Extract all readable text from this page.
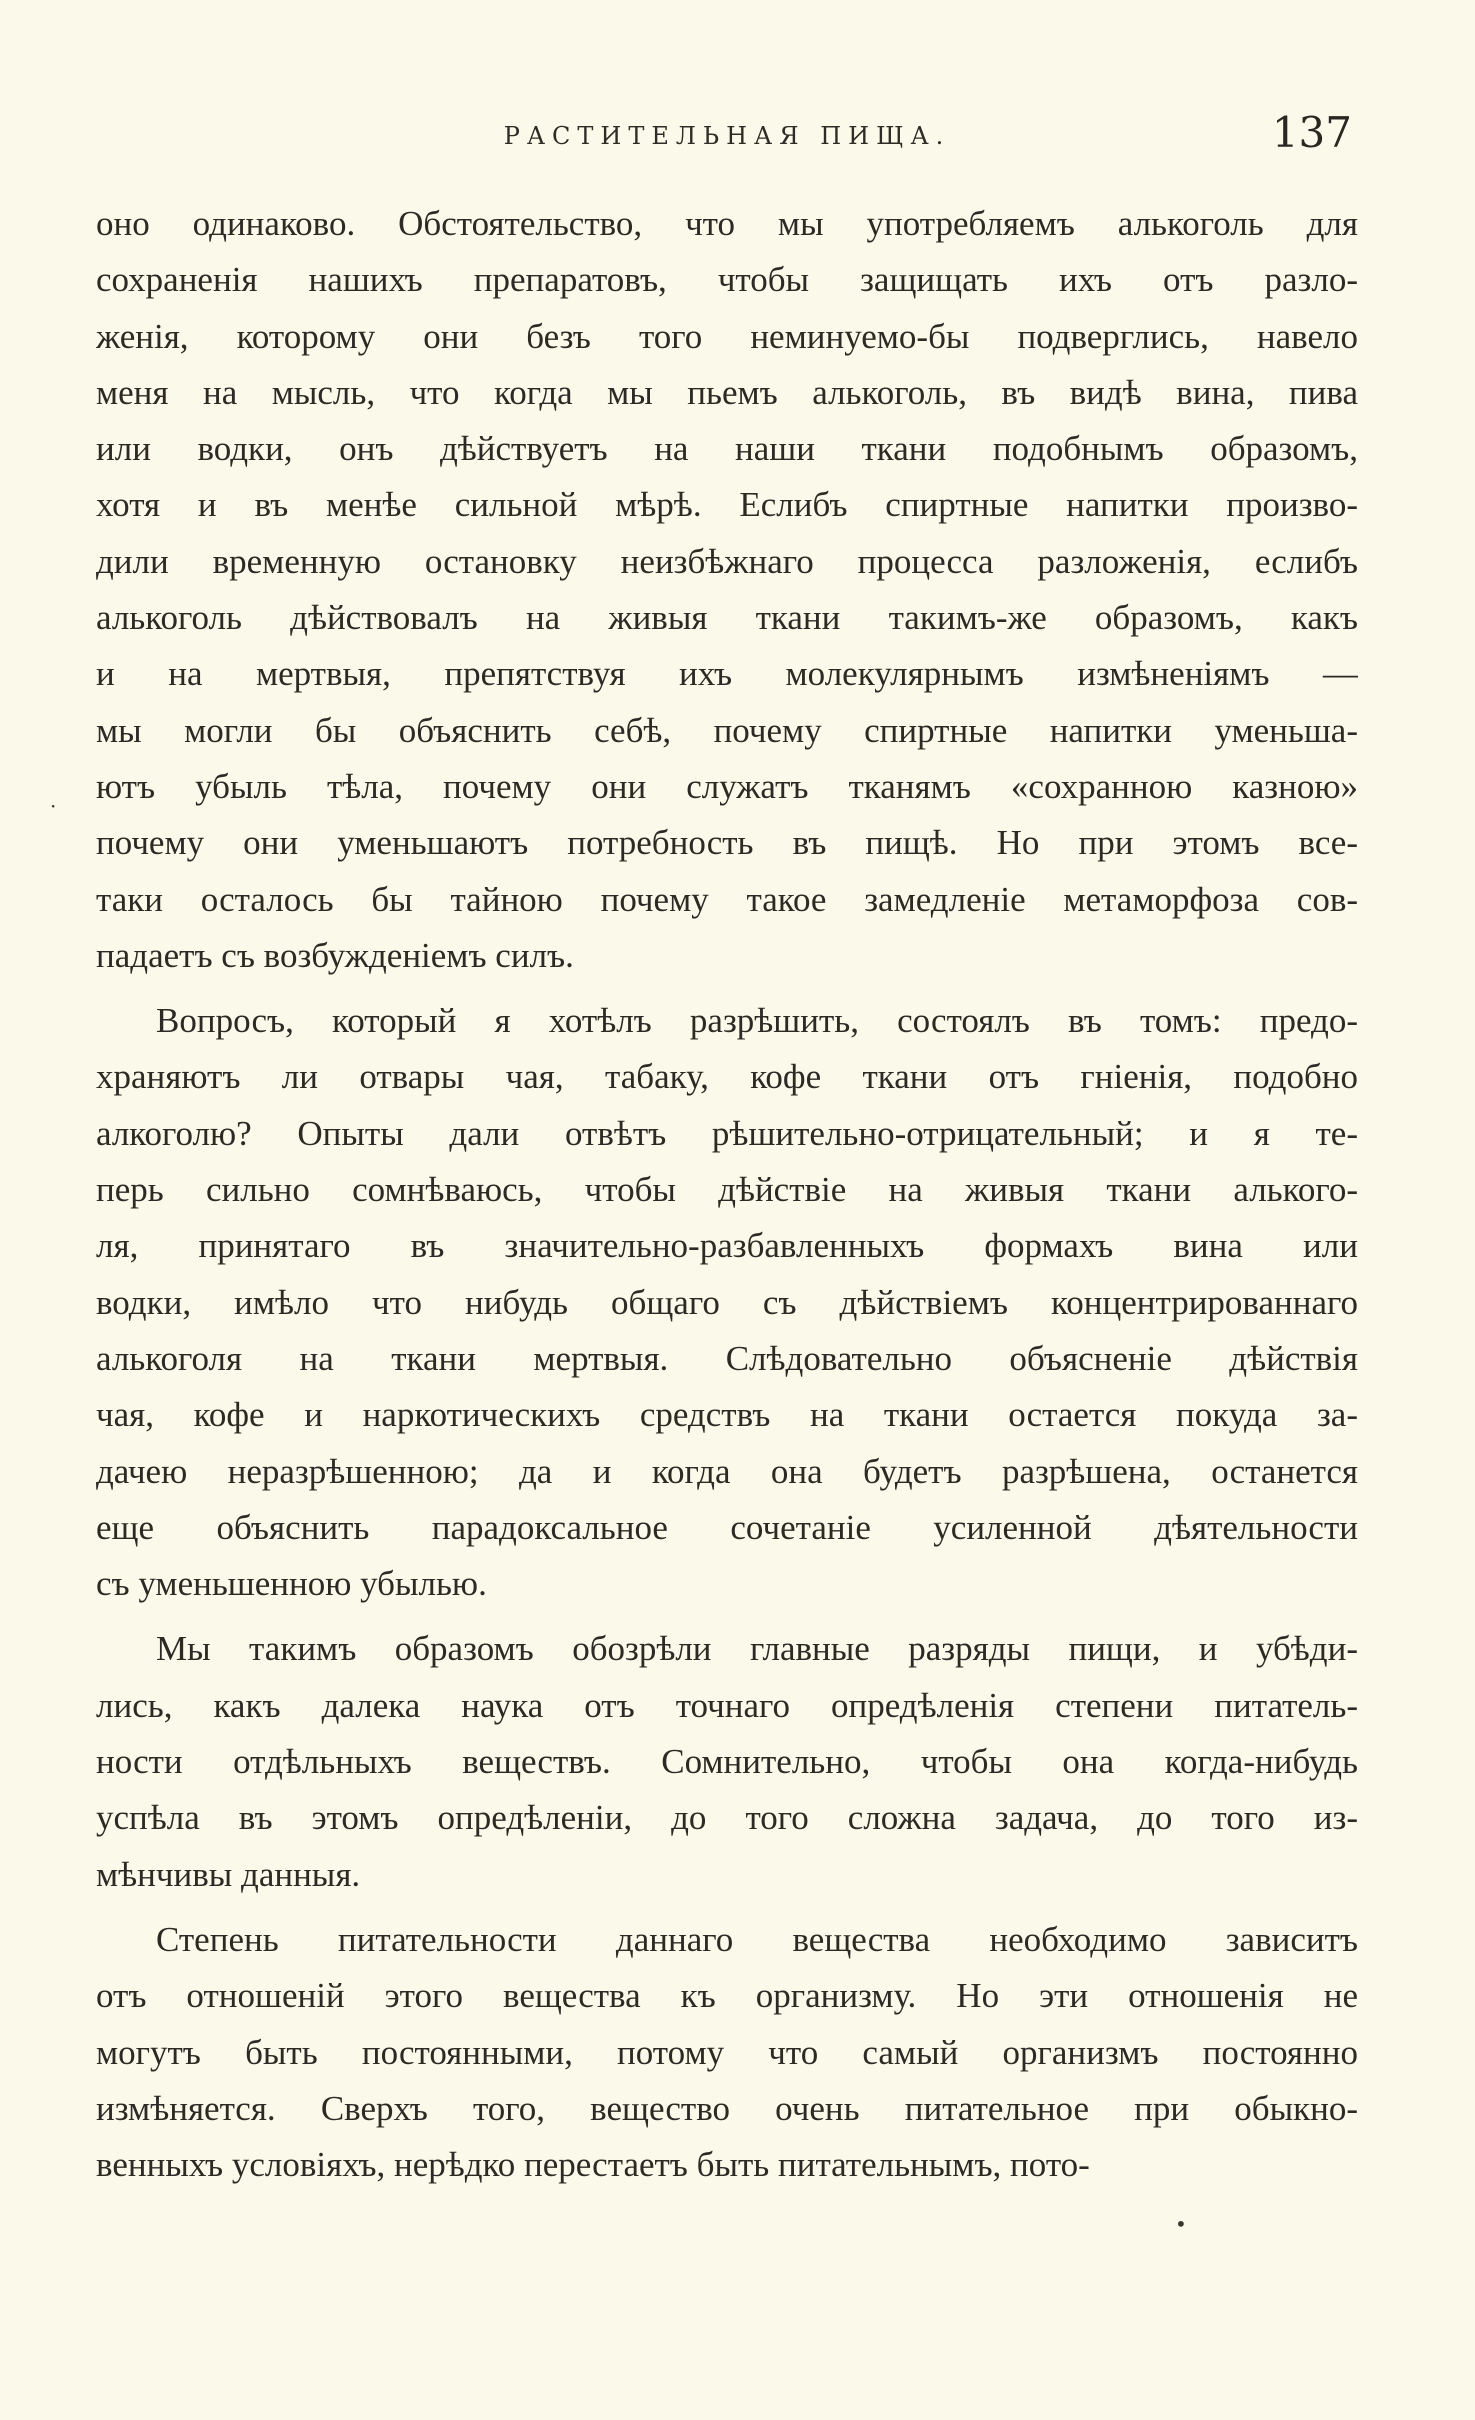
РАСТИТЕЛЬНАЯ ПИЩА.	137
·
оно одинаково. Обстоятельство, что мы употребляемъ алькоголь для
сохраненія нашихъ препаратовъ, чтобы защищать ихъ отъ разло-
женія, которому они безъ того неминуемо-бы подверглись, навело
меня на мысль, что когда мы пьемъ алькоголь, въ видѣ вина, пива
или водки, онъ дѣйствуетъ на наши ткани подобнымъ образомъ,
хотя и въ менѣе сильной мѣрѣ. Еслибъ спиртные напитки произво-
дили временную остановку неизбѣжнаго процесса разложенія, еслибъ
алькоголь дѣйствовалъ на живыя ткани такимъ-же образомъ, какъ
и на мертвыя, препятствуя ихъ молекулярнымъ измѣненіямъ —
мы могли бы объяснить себѣ, почему спиртные напитки уменьша-
ютъ убыль тѣла, почему они служатъ тканямъ «сохранною казною»
почему они уменьшаютъ потребность въ пищѣ. Но при этомъ все-
таки осталось бы тайною почему такое замедленіе метаморфоза сов-
падаетъ съ возбужденіемъ силъ.
Вопросъ, который я хотѣлъ разрѣшить, состоялъ въ томъ: предо-
храняютъ ли отвары чая, табаку, кофе ткани отъ гніенія, подобно
алкоголю? Опыты дали отвѣтъ рѣшительно-отрицательный; и я те-
перь сильно сомнѣваюсь, чтобы дѣйствіе на живыя ткани алького-
ля, принятаго въ значительно-разбавленныхъ формахъ вина или
водки, имѣло что нибудь общаго съ дѣйствіемъ концентрированнаго
алькоголя на ткани мертвыя. Слѣдовательно объясненіе дѣйствія
чая, кофе и наркотическихъ средствъ на ткани остается покуда за-
дачею неразрѣшенною; да и когда она будетъ разрѣшена, останется
еще объяснить парадоксальное сочетаніе усиленной дѣятельности
съ уменьшенною убылью.
Мы такимъ образомъ обозрѣли главные разряды пищи, и убѣди-
лись, какъ далека наука отъ точнаго опредѣленія степени питатель-
ности отдѣльныхъ веществъ. Сомнительно, чтобы она когда-нибудь
успѣла въ этомъ опредѣленіи, до того сложна задача, до того из-
мѣнчивы данныя.
Степень питательности даннаго вещества необходимо зависитъ
отъ отношеній этого вещества къ организму. Но эти отношенія не
могутъ быть постоянными, потому что самый организмъ постоянно
измѣняется. Сверхъ того, вещество очень питательное при обыкно-
венныхъ условіяхъ, нерѣдко перестаетъ быть питательнымъ, пото-
•
